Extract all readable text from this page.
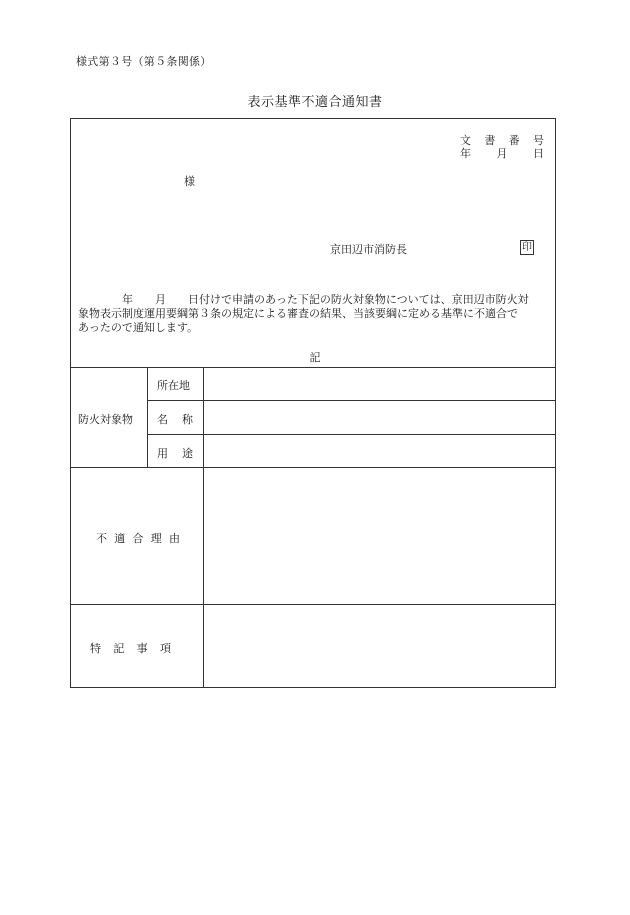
様式第３号（第５条関係）
表示基準不適合通知書
文 書 番 号
年 月 日
様
京田辺市消防長	印

　　　　年　　月　　日付けで申請のあった下記の防火対象物については、京田辺市防火対
象物表示制度運用要綱第３条の規定による審査の結果、当該要綱に定める基準に不適合で
あったので通知します。

記
防火対象物
所在地
名 称
用 途
不 適 合 理 由
特 記 事 項
